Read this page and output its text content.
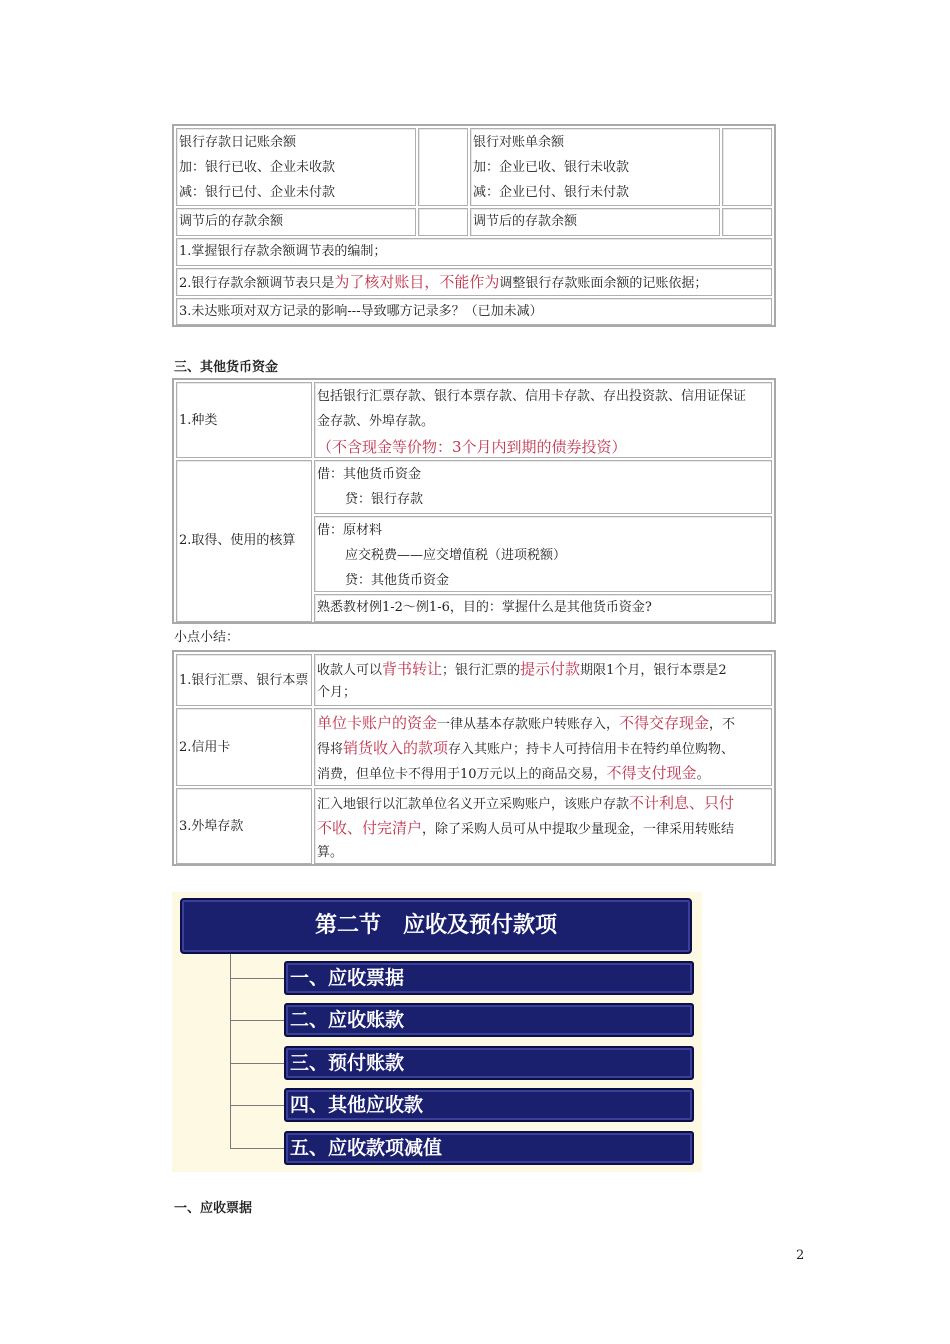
银行存款日记账余额
加：银行已收、企业未收款
减：银行已付、企业未付款
银行对账单余额
加：企业已收、银行未收款
减：企业已付、银行未付款
调节后的存款余额	调节后的存款余额
1.掌握银行存款余额调节表的编制；
2.银行存款余额调节表只是为了核对账目，不能作为调整银行存款账面余额的记账依据；
3.未达账项对双方记录的影响---导致哪方记录多？（已加未减）
三、其他货币资金
1.种类
包括银行汇票存款、银行本票存款、信用卡存款、存出投资款、信用证保证
金存款、外埠存款。
（不含现金等价物：3个月内到期的债券投资）
2.取得、使用的核算
借：其他货币资金
贷：银行存款
借：原材料
应交税费——应交增值税（进项税额）
贷：其他货币资金
熟悉教材例1-2～例1-6，目的：掌握什么是其他货币资金?
小点小结：
1.银行汇票、银行本票
收款人可以背书转让；银行汇票的提示付款期限1个月，银行本票是2
个月；
2.信用卡
单位卡账户的资金一律从基本存款账户转账存入，不得交存现金，不
得将销货收入的款项存入其账户；持卡人可持信用卡在特约单位购物、
消费，但单位卡不得用于10万元以上的商品交易，不得支付现金。
3.外埠存款
汇入地银行以汇款单位名义开立采购账户，该账户存款不计利息、只付
不收、付完清户，除了采购人员可从中提取少量现金，一律采用转账结
算。
第二节　应收及预付款项
一、应收票据
二、应收账款
三、预付账款
四、其他应收款
五、应收款项减值
一、应收票据
2
